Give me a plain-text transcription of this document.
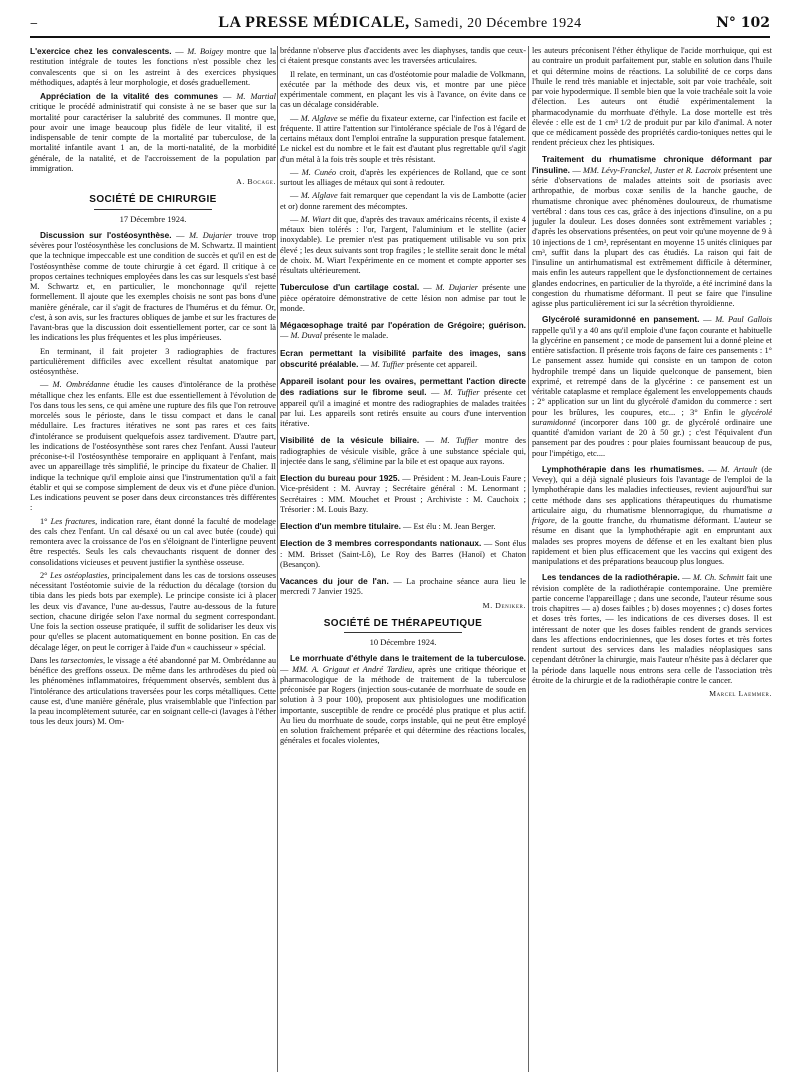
‒	LA PRESSE MÉDICALE, Samedi, 20 Décembre 1924	N° 102

L'exercice chez les convalescents. — M. Boigey montre que la restitution intégrale de toutes les fonctions n'est possible chez les convalescents que si on les astreint à des exercices physiques méthodiques, adaptés à leur morphologie, et dosés graduellement.

Appréciation de la vitalité des communes — M. Martial critique le procédé administratif qui consiste à ne se baser que sur la mortalité pour caractériser la salubrité des communes. Il montre que, pour avoir une image beaucoup plus fidèle de leur vitalité, il est indispensable de tenir compte de la mortalité par tuberculose, de la mortalité infantile avant 1 an, de la morti-natalité, de la morbidité générale, de la natalité, et de l'accroissement de la population par immigration.

A. Bocage.
SOCIÉTÉ DE CHIRURGIE
17 Décembre 1924.

Discussion sur l'ostéosynthèse. — M. Dujarier trouve trop sévères pour l'ostéosynthèse les conclusions de M. Schwartz. Il maintient que la technique impeccable est une condition de succès et qu'il en est de l'ostéosynthèse comme de toute chirurgie à cet égard. Il critique à ce propos certaines techniques employées dans les cas sur lesquels s'est basé M. Schwartz et, en particulier, le monchonnage qu'il rejette formellement. Il ajoute que les exemples choisis ne sont pas bons d'une manière générale, car il s'agit de fractures de l'humérus et du fémur. Or, c'est, à son avis, sur les fractures obliques de jambe et sur les fractures de l'avant-bras que la discussion doit essentiellement porter, car ce sont là les indications les plus fréquentes et les plus impérieuses.

En terminant, il fait projeter 3 radiographies de fractures particulièrement difficiles avec excellent résultat anatomique par ostéosynthèse.

— M. Ombrédanne étudie les causes d'intolérance de la prothèse métallique chez les enfants. Elle est due essentiellement à l'évolution de l'os dans tous les sens, ce qui amène une rupture des fils que l'on retrouve morcelés sous le périoste, dans le tissu compact et dans le canal médullaire. Les fractures itératives ne sont pas rares et ces faits d'intolérance se produisent quelquefois assez tardivement. D'autre part, les indications de l'ostéosynthèse sont rares chez l'enfant. Aussi l'auteur préconise-t-il l'ostéosynthèse temporaire en appliquant à l'enfant, mais avec un appareillage très simplifié, le principe du fixateur de Chalier. Il indique la technique qu'il emploie ainsi que l'instrumentation qu'il a fait établir et qui se compose simplement de deux vis et d'une pièce d'union. Les indications peuvent se poser dans deux circonstances très différentes :

1° Les fractures, indication rare, étant donné la faculté de modelage des cals chez l'enfant. Un cal désaxé ou un cal avec butée (coude) qui remontera avec la croissance de l'os en s'éloignant de l'interligne peuvent être respectés. Seuls les cals chevauchants risquent de donner des consolidations vicieuses et peuvent justifier la synthèse osseuse.

2° Les ostéoplasties, principalement dans les cas de torsions osseuses nécessitant l'ostéotomie suivie de la réduction du décalage (torsion du tibia dans les pieds bots par exemple). Le principe consiste ici à placer les deux vis d'avance, l'une au-dessus, l'autre au-dessous de la future section, chacune dirigée selon l'axe normal du segment correspondant. Une fois la section osseuse pratiquée, il suffit de solidariser les deux vis pour qu'elles se placent automatiquement en bonne position. En cas de décalage léger, on peut le corriger à l'aide d'un « cauchisseur » spécial.

Dans les tarsectomies, le vissage a été abandonné par M. Ombrédanne au bénéfice des greffons osseux. De même dans les arthrodèses du pied où les phénomènes inflammatoires, fréquemment observés, semblent dus à l'intolérance des articulations traversées pour les corps métalliques. Cette cause est, d'une manière générale, plus vraisemblable que l'infection par la peau incomplètement suturée, car en soignant celle-ci (lavages à l'éther tous les deux jours) M. Om-

brédanne n'observe plus d'accidents avec les diaphyses, tandis que ceux-ci étaient presque constants avec les traversées articulaires.

Il relate, en terminant, un cas d'ostéotomie pour maladie de Volkmann, exécutée par la méthode des deux vis, et montre par une pièce expérimentale comment, en plaçant les vis à l'avance, on évite dans ce cas un décalage considérable.

— M. Alglave se méfie du fixateur externe, car l'infection est facile et fréquente. Il attire l'attention sur l'intolérance spéciale de l'os à l'égard de certains métaux dont l'emploi entraîne la suppuration presque fatalement. Le nickel est du nombre et le fait est d'autant plus regrettable qu'il s'agit d'un métal à la fois très souple et très résistant.

— M. Cunéo croit, d'après les expériences de Rolland, que ce sont surtout les alliages de métaux qui sont à redouter.

— M. Alglave fait remarquer que cependant la vis de Lambotte (acier et or) donne rarement des mécomptes.

— M. Wiart dit que, d'après des travaux américains récents, il existe 4 métaux bien tolérés : l'or, l'argent, l'aluminium et le stellite (acier inoxydable). Le premier n'est pas pratiquement utilisable vu son prix élevé ; les deux suivants sont trop fragiles ; le stellite serait donc le métal de choix. M. Wiart l'expérimente en ce moment et compte apporter ses résultats ultérieurement.

Tuberculose d'un cartilage costal. — M. Dujarier présente une pièce opératoire démonstrative de cette lésion non admise par tout le monde.

Mégaœsophage traité par l'opération de Grégoire; guérison. — M. Duval présente le malade.

Ecran permettant la visibilité parfaite des images, sans obscurité préalable. — M. Tuffier présente cet appareil.

Appareil isolant pour les ovaires, permettant l'action directe des radiations sur le fibrome seul. — M. Tuffier présente cet appareil qu'il a imaginé et montre des radiographies de malades traitées par lui. Les appareils sont retirés ensuite au cours d'une intervention itérative.

Visibilité de la vésicule biliaire. — M. Tuffier montre des radiographies de vésicule visible, grâce à une substance spéciale qui, injectée dans le sang, s'élimine par la bile et est opaque aux rayons.

Election du bureau pour 1925. — Président : M. Jean-Louis Faure ; Vice-président : M. Auvray ; Secrétaire général : M. Lenormant ; Secrétaires : MM. Mouchet et Proust ; Archiviste : M. Cauchoix ; Trésorier : M. Louis Bazy.

Election d'un membre titulaire. — Est élu : M. Jean Berger.

Election de 3 membres correspondants nationaux. — Sont élus : MM. Brisset (Saint-Lô), Le Roy des Barres (Hanoï) et Chaton (Besançon).

Vacances du jour de l'an. — La prochaine séance aura lieu le mercredi 7 Janvier 1925.

M. Deniker.
SOCIÉTÉ DE THÉRAPEUTIQUE
10 Décembre 1924.

Le morrhuate d'éthyle dans le traitement de la tuberculose. — MM. A. Grigaut et André Tardieu, après une critique théorique et pharmacologique de la méthode de traitement de la tuberculose préconisée par Rogers (injection sous-cutanée de morrhuate de soude en solution à 3 pour 100), proposent aux phtisiologues une modification importante, susceptible de rendre ce procédé plus pratique et plus actif. Au lieu du morrhuate de soude, corps instable, qui ne peut être employé en solution fraîchement préparée et qui détermine des réactions locales, générales et focales violentes,

les auteurs préconisent l'éther éthylique de l'acide morrhuique, qui est au contraire un produit parfaitement pur, stable en solution dans l'huile et qui détermine moins de réactions. La solubilité de ce corps dans l'huile le rend très maniable et injectable, soit par voie trachéale, soit par voie hypodermique. Il semble bien que la voie trachéale soit la voie d'élection. Les auteurs ont étudié expérimentalement la pharmacodynamie du morrhuate d'éthyle. La dose mortelle est très élevée : elle est de 1 cm³ 1/2 de produit pur par kilo d'animal. A noter que ce médicament possède des propriétés cardio-toniques nettes qui le rendent précieux chez les phtisiques.

Traitement du rhumatisme chronique déformant par l'insuline. — MM. Lévy-Franckel, Juster et R. Lacroix présentent une série d'observations de malades atteints soit de psoriasis avec arthropathie, de morbus coxæ senilis de la hanche gauche, de rhumatisme chronique avec phénomènes douloureux, de rhumatisme vertébral : dans tous ces cas, grâce à des injections d'insuline, on a pu juguler la douleur. Les doses données sont extrêmement variables ; d'après les observations présentées, on peut voir qu'une moyenne de 9 à 10 injections de 1 cm³, représentant en moyenne 15 unités cliniques par cm³, suffit dans la plupart des cas étudiés. La raison qui fait de l'insuline un antirhumatismal est extrêmement difficile à déterminer, mais enfin les auteurs rappellent que le dysfonctionnement de certaines glandes endocrines, en particulier de la thyroïde, a été incriminé dans la congestion du rhumatisme déformant. Il peut se faire que l'insuline agisse plus particulièrement ici sur la sécrétion thyroïdienne.

Glycérolé suramidonné en pansement. — M. Paul Gallois rappelle qu'il y a 40 ans qu'il emploie d'une façon courante et habituelle la glycérine en pansement ; ce mode de pansement lui a donné pleine et entière satisfaction. Il présente trois façons de faire ces pansements : 1° Le pansement assez humide qui consiste en un tampon de coton hydrophile trempé dans un liquide quelconque de pansement, bien exprimé, et retrempé dans de la glycérine : ce pansement est un véritable cataplasme et remplace également les enveloppements chauds ; 2° application sur un lint du glycérolé d'amidon du commerce : sert pour les brûlures, les coupures, etc... ; 3° Enfin le glycérolé suramidonné (incorporer dans 100 gr. de glycérolé ordinaire une quantité d'amidon variant de 20 à 50 gr.) ; c'est l'équivalent d'un pansement par des poudres : pour plaies fournissant beaucoup de pus, pour l'impétigo, etc....

Lymphothérapie dans les rhumatismes. — M. Artault (de Vevey), qui a déjà signalé plusieurs fois l'avantage de l'emploi de la lymphothérapie dans les maladies infectieuses, revient aujourd'hui sur cette méthode dans ses applications thérapeutiques du rhumatisme articulaire aigu, du rhumatisme blennorragique, du rhumatisme a frigore, de la goutte franche, du rhumatisme déformant. L'auteur se résume en disant que la lymphothérapie agit en empruntant aux malades ses propres moyens de défense et en les exaltant bien plus rapidement et bien plus efficacement que les vaccins qui exigent des manipulations et des préparations beaucoup plus longues.

Les tendances de la radiothérapie. — M. Ch. Schmitt fait une révision complète de la radiothérapie contemporaine. Une première partie concerne l'appareillage ; dans une seconde, l'auteur résume sous trois chapitres — a) doses faibles ; b) doses moyennes ; c) doses fortes et doses très fortes, — les indications de ces diverses doses. Il est intéressant de noter que les doses faibles rendent de grands services dans les affections endocriniennes, que les doses fortes et très fortes rendent surtout des services dans les maladies néoplasiques sans cependant détrôner la chirurgie, mais l'auteur n'hésite pas à déclarer que la période dans laquelle nous entrons sera celle de l'association très étroite de la chirurgie et de la radiothérapie contre le cancer.

Marcel Laemmer.
